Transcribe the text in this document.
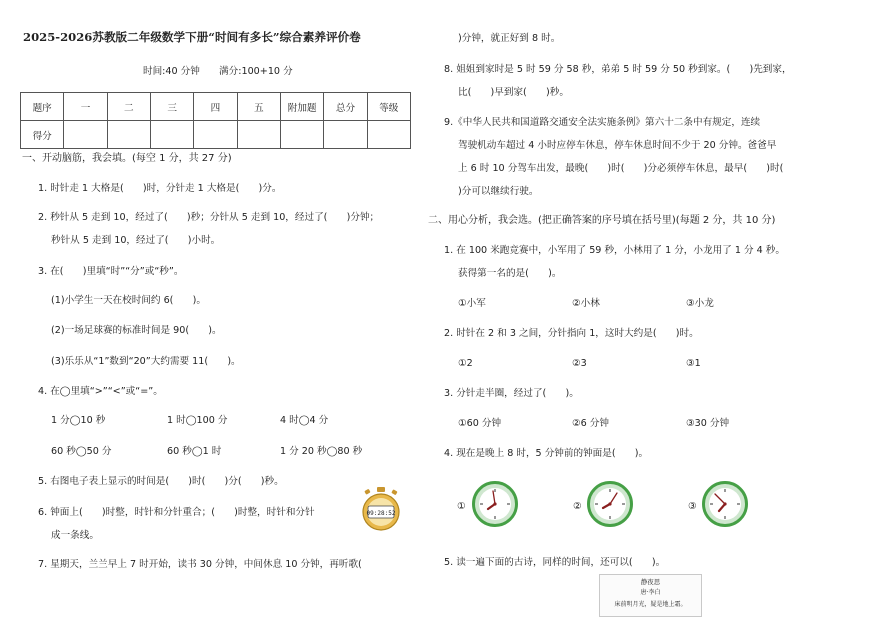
2025-2026苏教版二年级数学下册“时间有多长”综合素养评价卷
时间:40 分钟　　满分:100+10 分
题序	一	二	三	四	五	附加题	总分	等级
得分								
一、开动脑筋，我会填。(每空 1 分，共 27 分)
1. 时针走 1 大格是(　　)时，分针走 1 大格是(　　)分。
2. 秒针从 5 走到 10，经过了(　　)秒；分针从 5 走到 10，经过了(　　)分钟；
秒针从 5 走到 10，经过了(　　)小时。
3. 在(　　)里填“时”“分”或“秒”。
(1)小学生一天在校时间约 6(　　)。
(2)一场足球赛的标准时间是 90(　　)。
(3)乐乐从“1”数到“20”大约需要 11(　　)。
4. 在◯里填“>”“<”或“=”。
1 分◯10 秒	1 时◯100 分	4 时◯4 分
60 秒◯50 分	60 秒◯1 时	1 分 20 秒◯80 秒
5. 右图电子表上显示的时间是(　　)时(　　)分(　　)秒。
6. 钟面上(　　)时整，时针和分针重合；(　　)时整，时针和分针
成一条线。
7. 星期天，兰兰早上 7 时开始，读书 30 分钟，中间休息 10 分钟，再听歌(
09:28:52
)分钟，就正好到 8 时。
8. 姐姐到家时是 5 时 59 分 58 秒，弟弟 5 时 59 分 50 秒到家。(　　)先到家，
比(　　)早到家(　　)秒。
9.《中华人民共和国道路交通安全法实施条例》第六十二条中有规定，连续
驾驶机动车超过 4 小时应停车休息，停车休息时间不少于 20 分钟。爸爸早
上 6 时 10 分驾车出发，最晚(　　)时(　　)分必须停车休息，最早(　　)时(
)分可以继续行驶。
二、用心分析，我会选。(把正确答案的序号填在括号里)(每题 2 分，共 10 分)
1. 在 100 米跑竞赛中，小军用了 59 秒，小林用了 1 分，小龙用了 1 分 4 秒。
获得第一名的是(　　)。
①小军	②小林	③小龙
2. 时针在 2 和 3 之间，分针指向 1，这时大约是(　　)时。
①2	②3	③1
3. 分针走半圈，经过了(　　)。
①60 分钟	②6 分钟	③30 分钟
4. 现在是晚上 8 时，5 分钟前的钟面是(　　)。
①	②	③
5. 读一遍下面的古诗，同样的时间，还可以(　　)。
静夜思
唐·李白
床前明月光，疑是地上霜。
